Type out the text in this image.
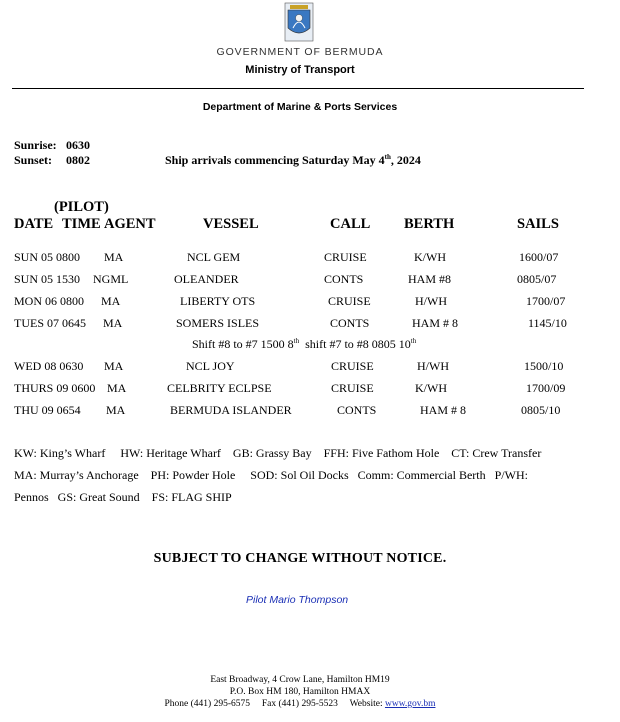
GOVERNMENT OF BERMUDA
Ministry of Transport
Department of Marine & Ports Services
Sunrise: 0630
Sunset: 0802	Ship arrivals commencing Saturday May 4th, 2024
(PILOT)
DATE TIME AGENT	VESSEL	CALL BERTH	SAILS
SUN 05 0800 MA	NCL GEM	CRUISE	K/WH	1600/07
SUN 05 1530 NGML	OLEANDER	CONTS	HAM #8	0805/07
MON 06 0800 MA	LIBERTY OTS	CRUISE	H/WH	1700/07
TUES 07 0645 MA	SOMERS ISLES	CONTS	HAM # 8	1145/10
Shift #8 to #7 1500 8th shift #7 to #8 0805 10th
WED 08 0630 MA	NCL JOY	CRUISE	H/WH	1500/10
THURS 09 0600 MA	CELBRITY ECLPSE	CRUISE	K/WH	1700/09
THU 09 0654 MA	BERMUDA ISLANDER	CONTS	HAM # 8	0805/10
KW: King’s Wharf     HW: Heritage Wharf    GB: Grassy Bay    FFH: Five Fathom Hole    CT: Crew Transfer
MA: Murray’s Anchorage    PH: Powder Hole     SOD: Sol Oil Docks   Comm: Commercial Berth   P/WH:
Pennos   GS: Great Sound    FS: FLAG SHIP
SUBJECT TO CHANGE WITHOUT NOTICE.
Pilot Mario Thompson
East Broadway, 4 Crow Lane, Hamilton HM19
P.O. Box HM 180, Hamilton HMAX
Phone (441) 295-6575     Fax (441) 295-5523     Website: www.gov.bm
